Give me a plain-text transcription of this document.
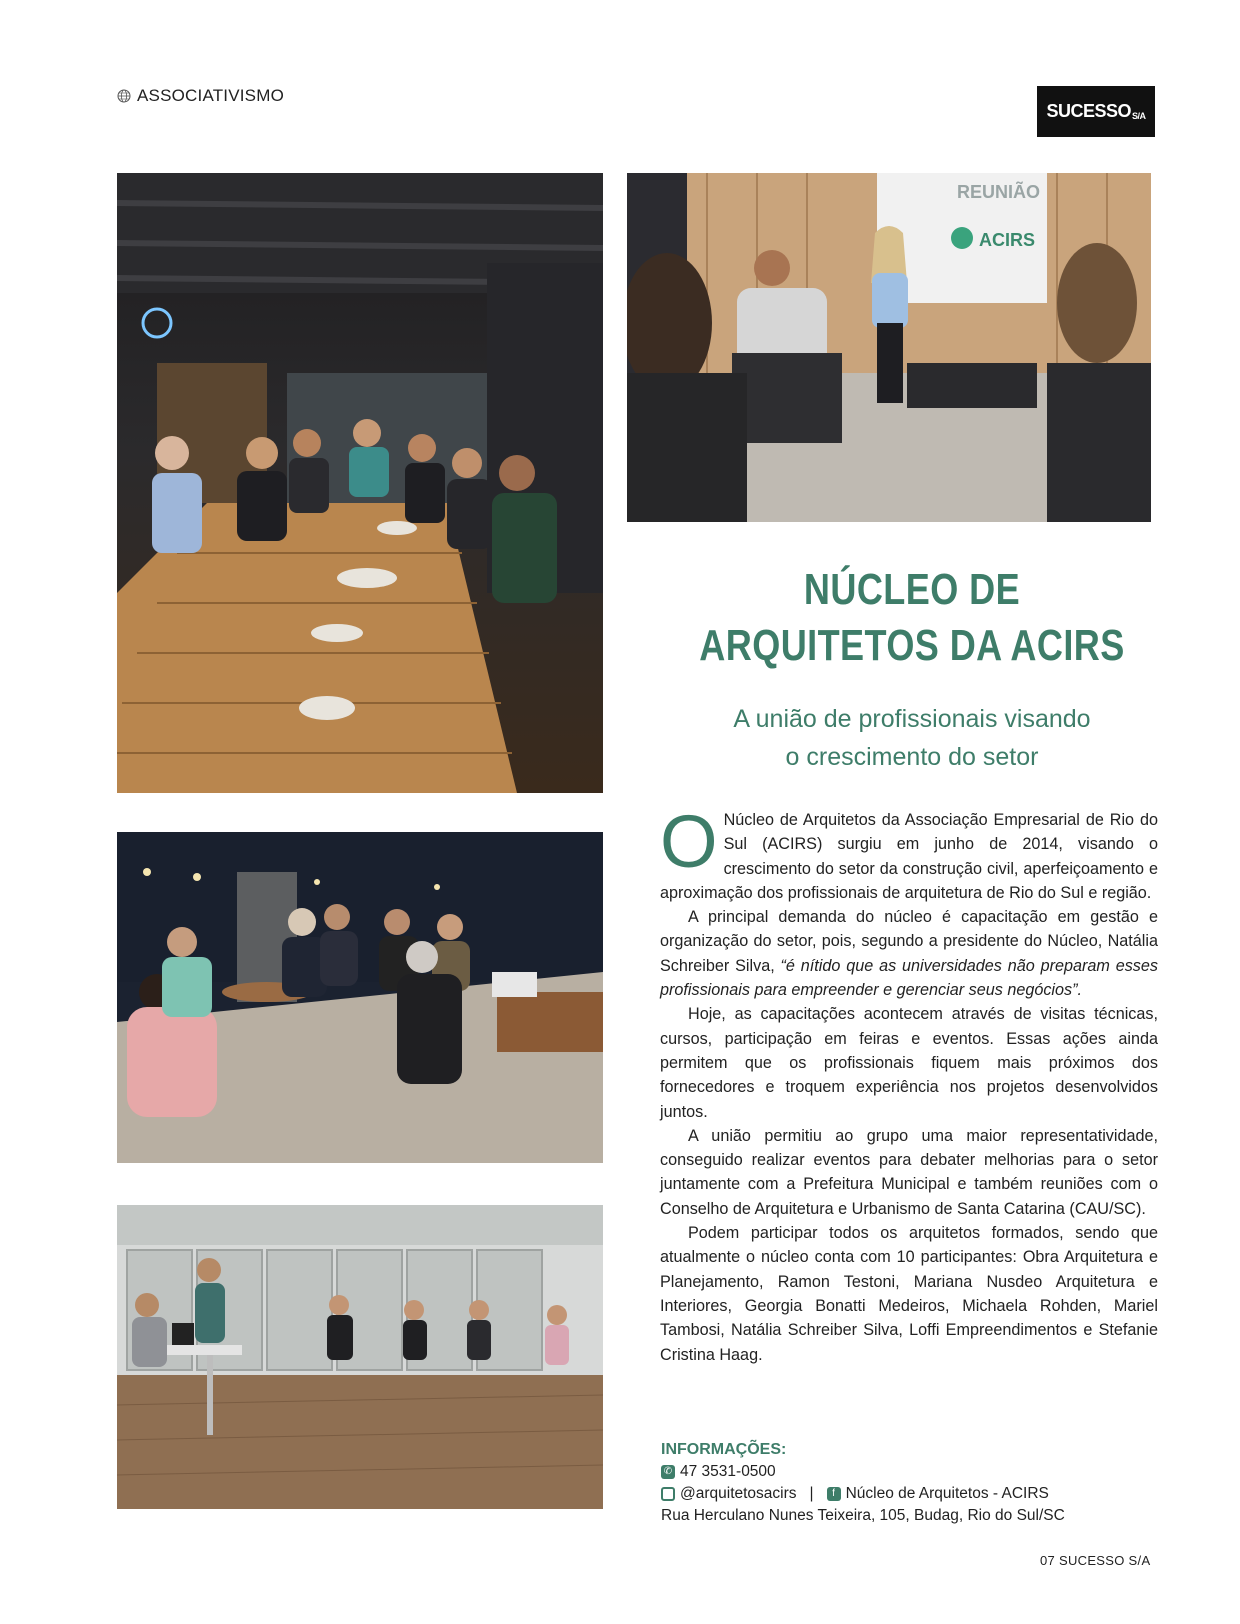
ASSOCIATIVISMO
SUCESSO S/A
REUNIÃO
ACIRS
NÚCLEO DE
ARQUITETOS DA ACIRS
A união de profissionais visando
o crescimento do setor

O Núcleo de Arquitetos da Associação Empresarial de Rio do Sul (ACIRS) surgiu em junho de 2014, visando o crescimento do setor da construção civil, aperfeiçoamento e aproximação dos profissionais de arquitetura de Rio do Sul e região.

A principal demanda do núcleo é capacitação em gestão e organização do setor, pois, segundo a presidente do Núcleo, Natália Schreiber Silva, “é nítido que as universidades não preparam esses profissionais para empreender e gerenciar seus negócios”.

Hoje, as capacitações acontecem através de visitas técnicas, cursos, participação em feiras e eventos. Essas ações ainda permitem que os profissionais fiquem mais próximos dos fornecedores e troquem experiência nos projetos desenvolvidos juntos.

A união permitiu ao grupo uma maior representatividade, conseguido realizar eventos para debater melhorias para o setor juntamente com a Prefeitura Municipal e também reuniões com o Conselho de Arquitetura e Urbanismo de Santa Catarina (CAU/SC).

Podem participar todos os arquitetos formados, sendo que atualmente o núcleo conta com 10 participantes: Obra Arquitetura e Planejamento, Ramon Testoni, Mariana Nusdeo Arquitetura e Interiores, Georgia Bonatti Medeiros, Michaela Rohden, Mariel Tambosi, Natália Schreiber Silva, Loffi Empreendimentos e Stefanie Cristina Haag.

INFORMAÇÕES:
✆ 47 3531-0500
@arquitetosacirs |	f Núcleo de Arquitetos - ACIRS
Rua Herculano Nunes Teixeira, 105, Budag, Rio do Sul/SC
07 SUCESSO S/A
